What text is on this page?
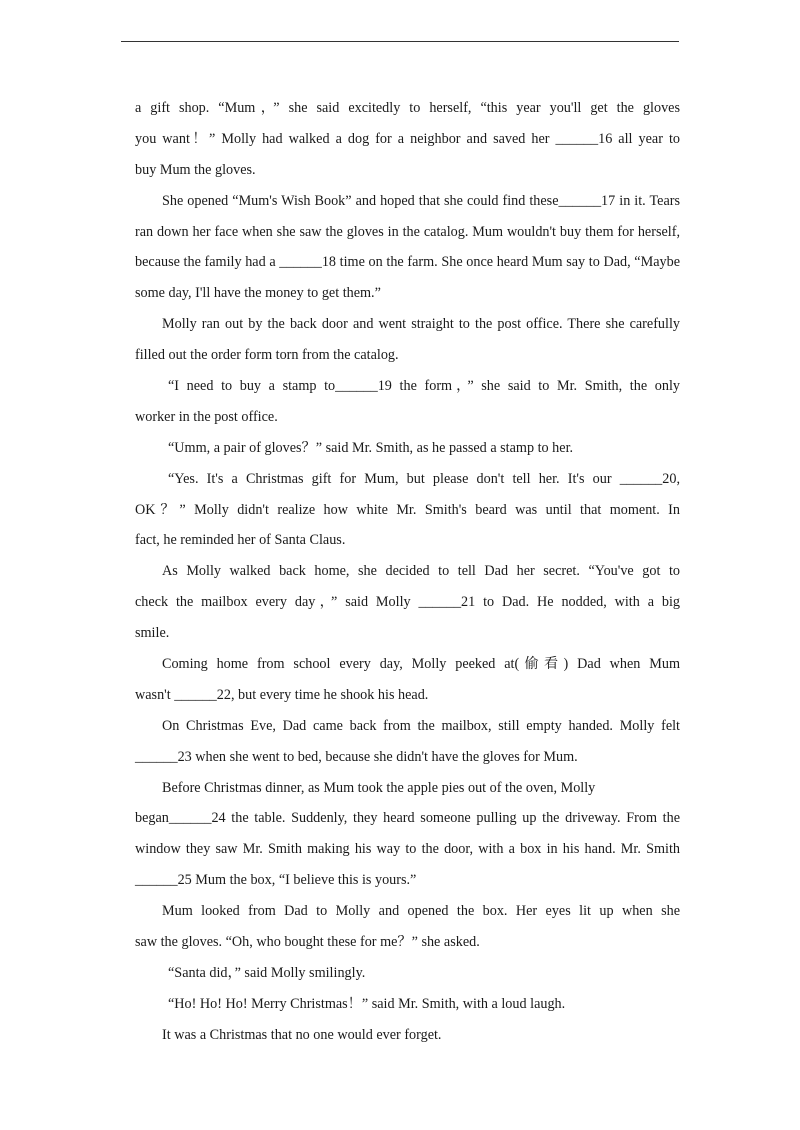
a gift shop. “Mum，” she said excitedly to herself, “this year you'll get the gloves
you want！” Molly had walked a dog for a neighbor and saved her ______16 all year to
buy Mum the gloves.
She opened “Mum's Wish Book” and hoped that she could find these______17 in it. Tears
ran down her face when she saw the gloves in the catalog. Mum wouldn't buy them for herself,
because the family had a ______18 time on the farm. She once heard Mum say to Dad, “Maybe
some day, I'll have the money to get them.”
Molly ran out by the back door and went straight to the post office. There she carefully
filled out the order form torn from the catalog.
“I need to buy a stamp to______19 the form，” she said to Mr. Smith, the only
worker in the post office.
“Umm, a pair of gloves？” said Mr. Smith, as he passed a stamp to her.
“Yes. It's a Christmas gift for Mum, but please don't tell her. It's our ______20,
OK？” Molly didn't realize how white Mr. Smith's beard was until that moment. In
fact, he reminded her of Santa Claus.
As Molly walked back home, she decided to tell Dad her secret. “You've got to
check the mailbox every day，” said Molly ______21 to Dad. He nodded, with a big
smile.
Coming home from school every day, Molly peeked at(偷看) Dad when Mum
wasn't ______22, but every time he shook his head.
On Christmas Eve, Dad came back from the mailbox, still empty handed. Molly felt
______23 when she went to bed, because she didn't have the gloves for Mum.
Before Christmas dinner, as Mum took the apple pies out of the oven, Molly
began______24 the table. Suddenly, they heard someone pulling up the driveway. From the
window they saw Mr. Smith making his way to the door, with a box in his hand. Mr. Smith
______25 Mum the box, “I believe this is yours.”
Mum looked from Dad to Molly and opened the box. Her eyes lit up when she
saw the gloves. “Oh, who bought these for me？” she asked.
“Santa did，” said Molly smilingly.
“Ho! Ho! Ho! Merry Christmas！” said Mr. Smith, with a loud laugh.
It was a Christmas that no one would ever forget.
